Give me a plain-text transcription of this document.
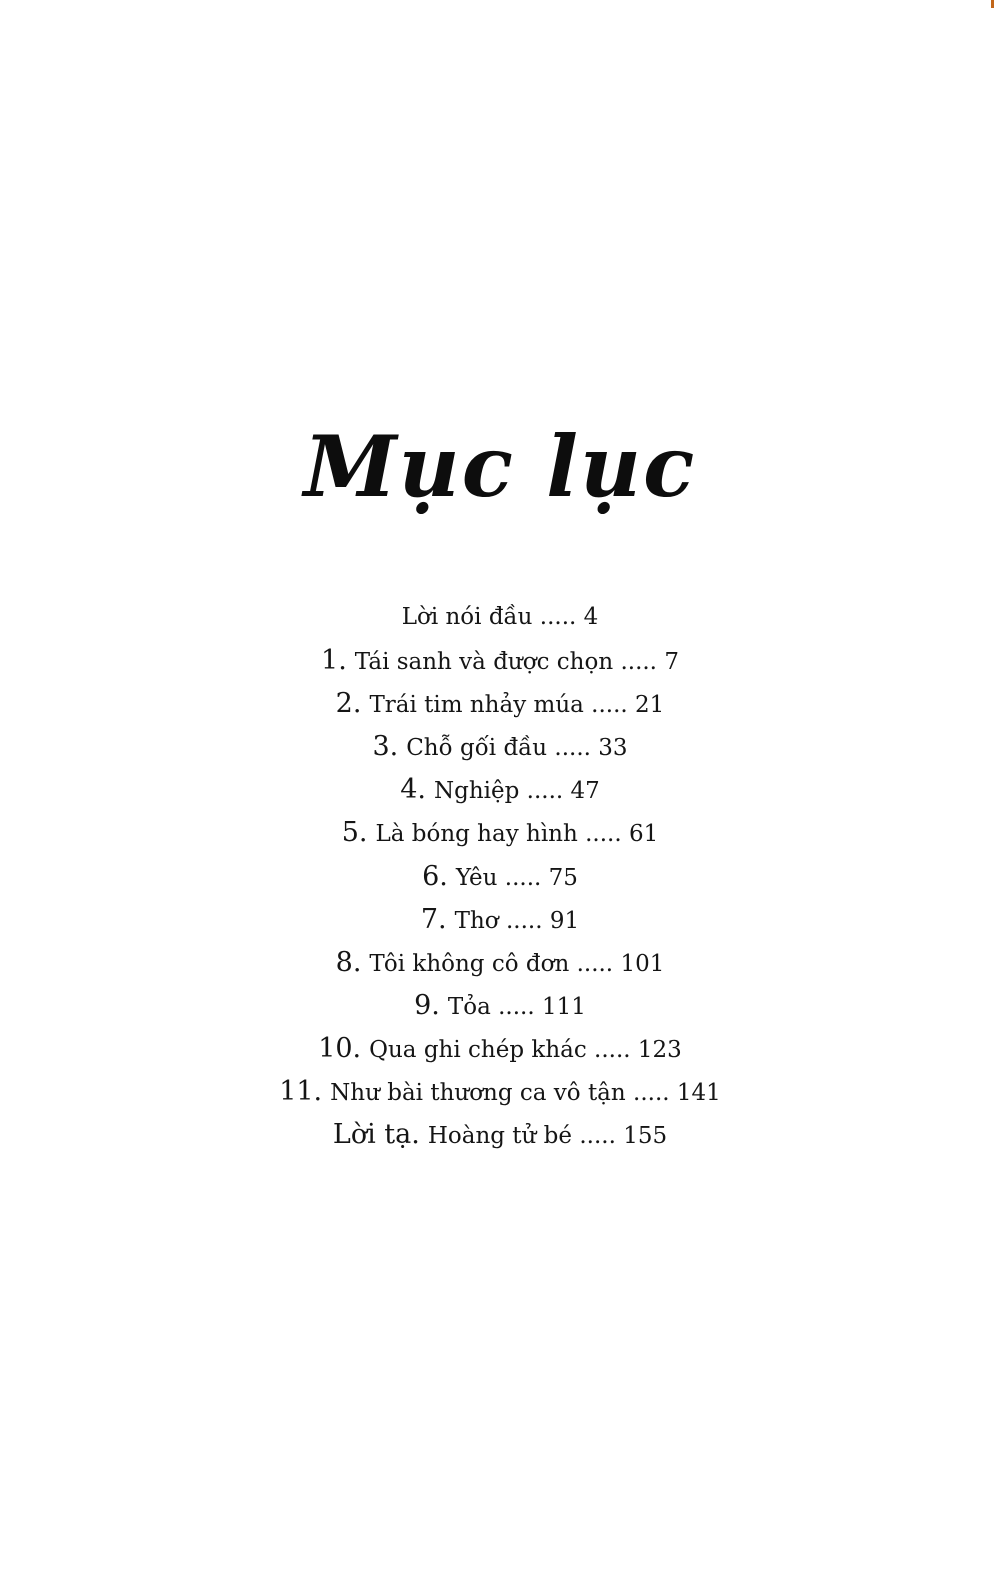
Mục lục
Lời nói đầu ..... 4
1. Tái sanh và được chọn ..... 7
2. Trái tim nhảy múa ..... 21
3. Chỗ gối đầu ..... 33
4. Nghiệp ..... 47
5. Là bóng hay hình ..... 61
6. Yêu ..... 75
7. Thơ ..... 91
8. Tôi không cô đơn ..... 101
9. Tỏa ..... 111
10. Qua ghi chép khác ..... 123
11. Như bài thương ca vô tận ..... 141
Lời tạ. Hoàng tử bé ..... 155
